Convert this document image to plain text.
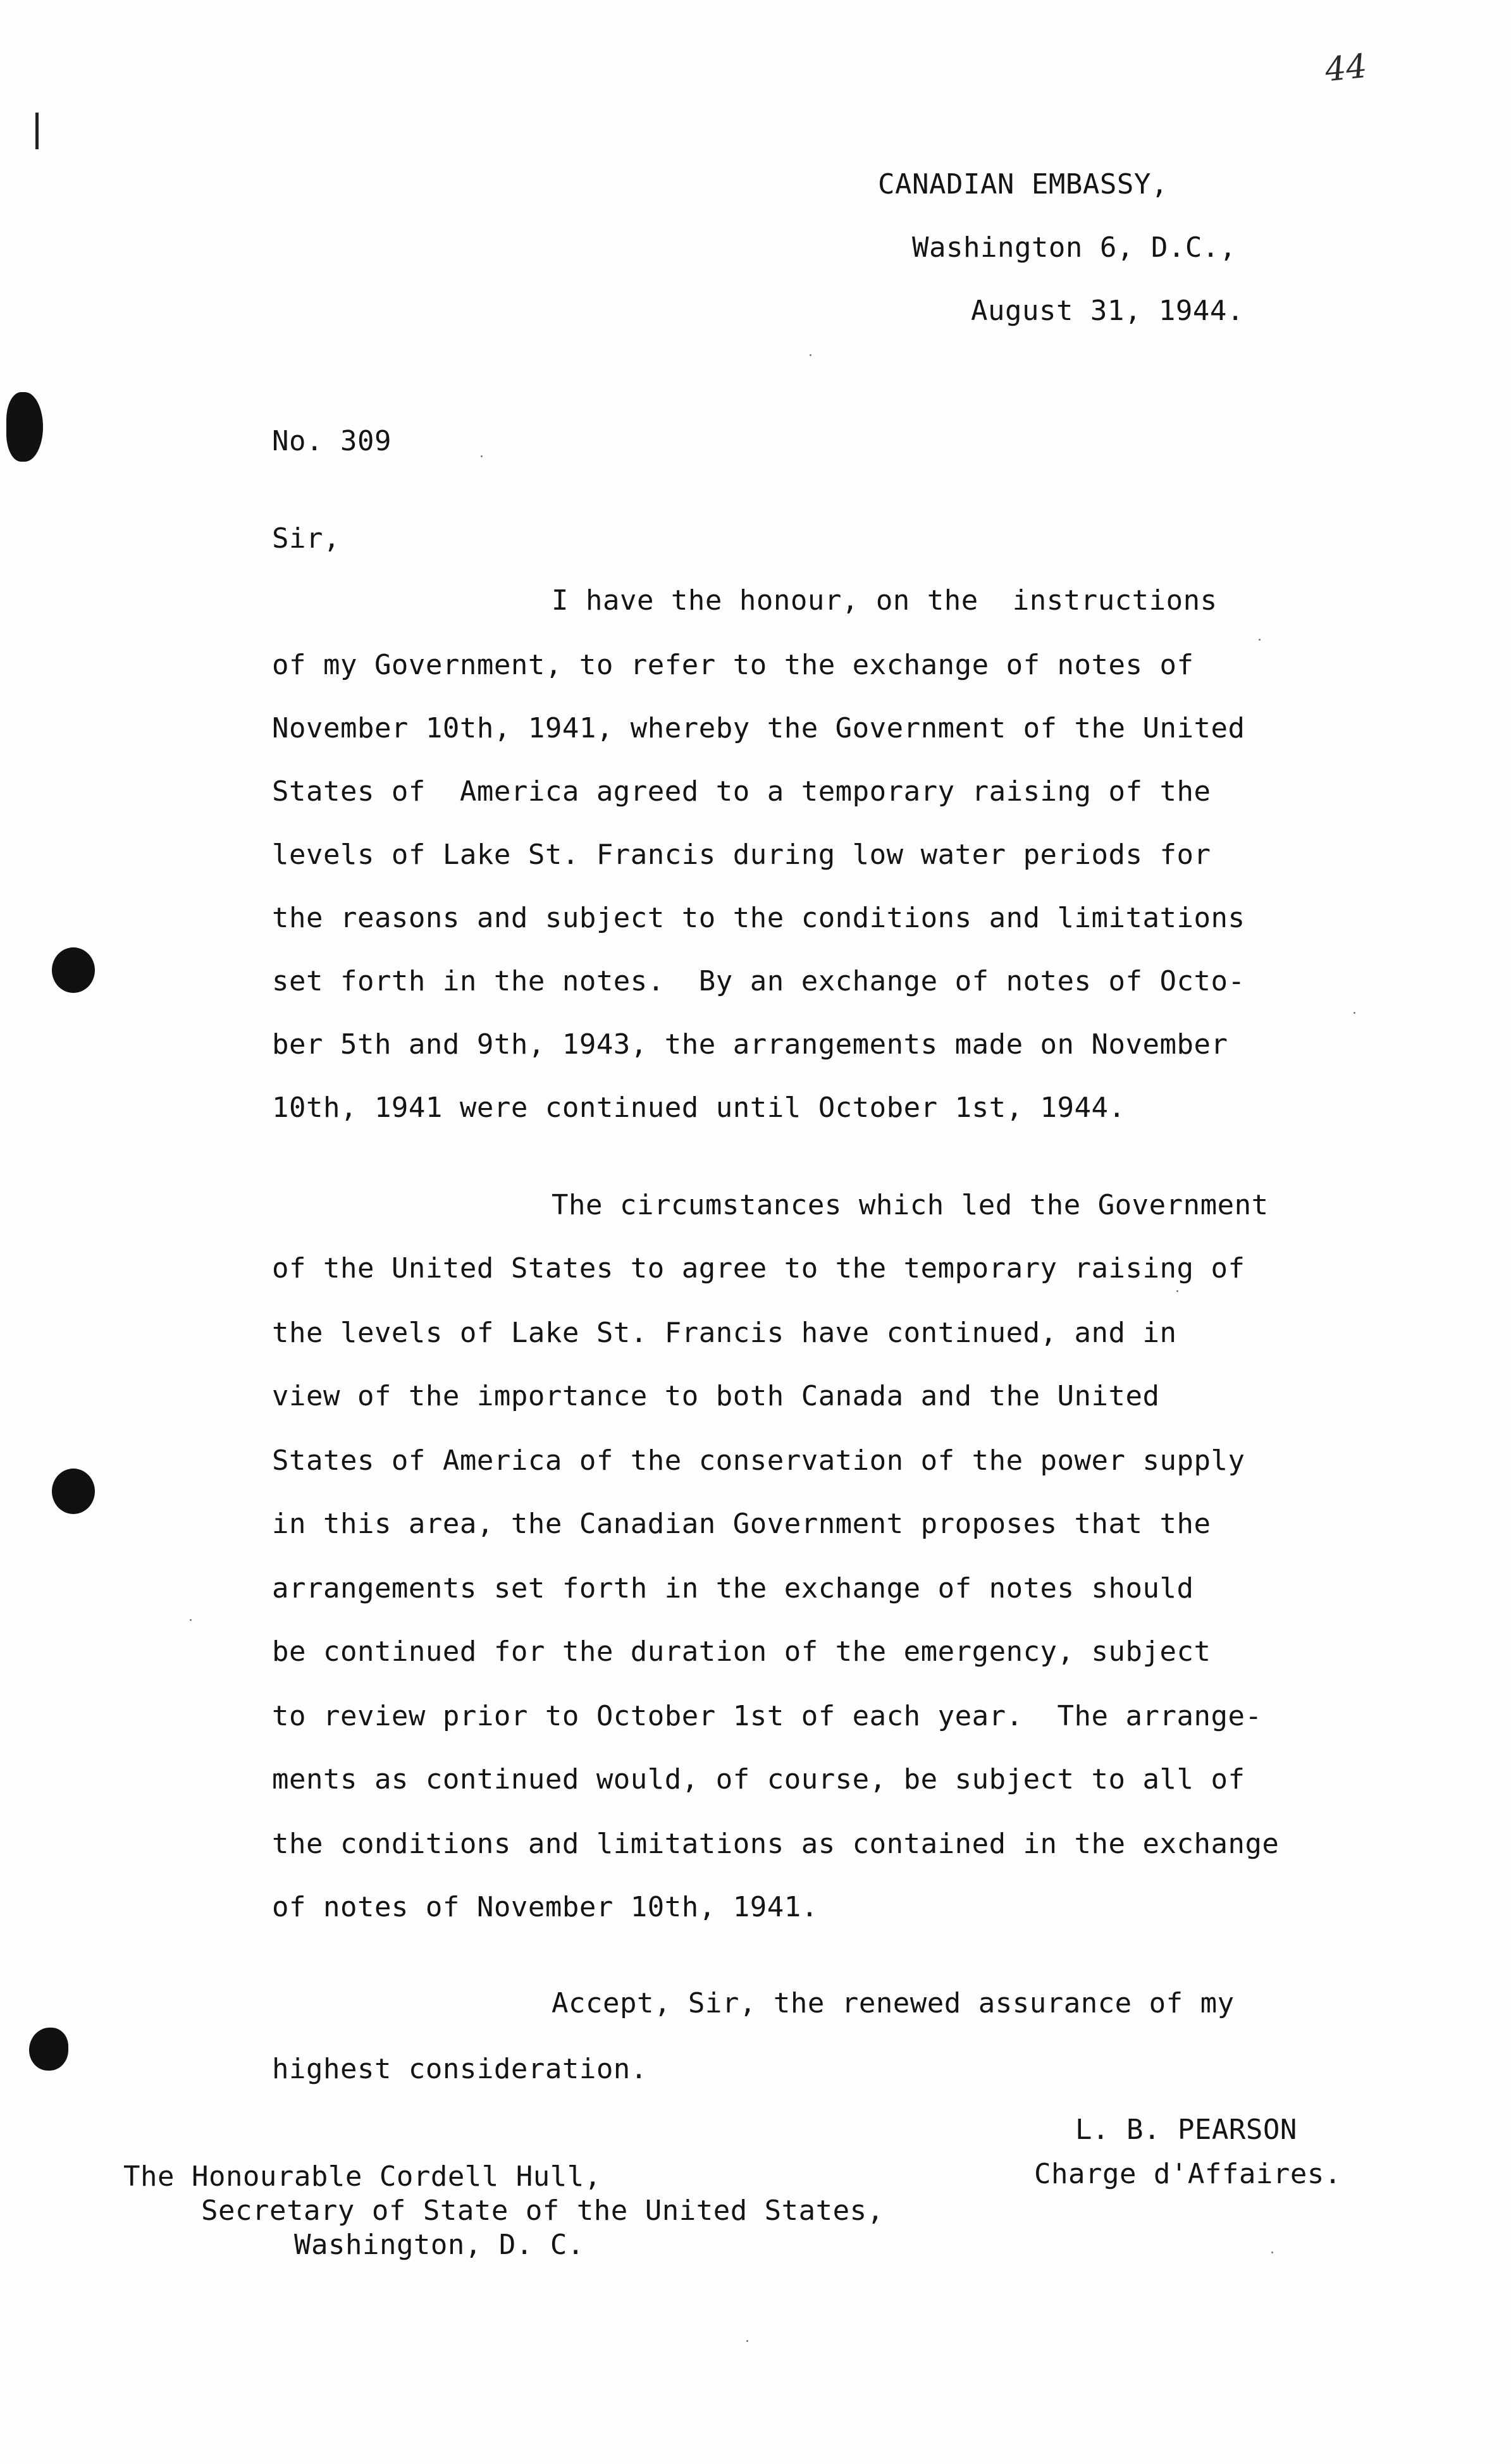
44
CANADIAN EMBASSY,
Washington 6, D.C.,
August 31, 1944.
No. 309
Sir,
I have the honour, on the  instructions
of my Government, to refer to the exchange of notes of
November 10th, 1941, whereby the Government of the United
States of  America agreed to a temporary raising of the
levels of Lake St. Francis during low water periods for
the reasons and subject to the conditions and limitations
set forth in the notes.  By an exchange of notes of Octo-
ber 5th and 9th, 1943, the arrangements made on November
10th, 1941 were continued until October 1st, 1944.
The circumstances which led the Government
of the United States to agree to the temporary raising of
the levels of Lake St. Francis have continued, and in
view of the importance to both Canada and the United
States of America of the conservation of the power supply
in this area, the Canadian Government proposes that the
arrangements set forth in the exchange of notes should
be continued for the duration of the emergency, subject
to review prior to October 1st of each year.  The arrange-
ments as continued would, of course, be subject to all of
the conditions and limitations as contained in the exchange
of notes of November 10th, 1941.
Accept, Sir, the renewed assurance of my
highest consideration.
L. B. PEARSON
Charge d'Affaires.
The Honourable Cordell Hull,
Secretary of State of the United States,
Washington, D. C.
